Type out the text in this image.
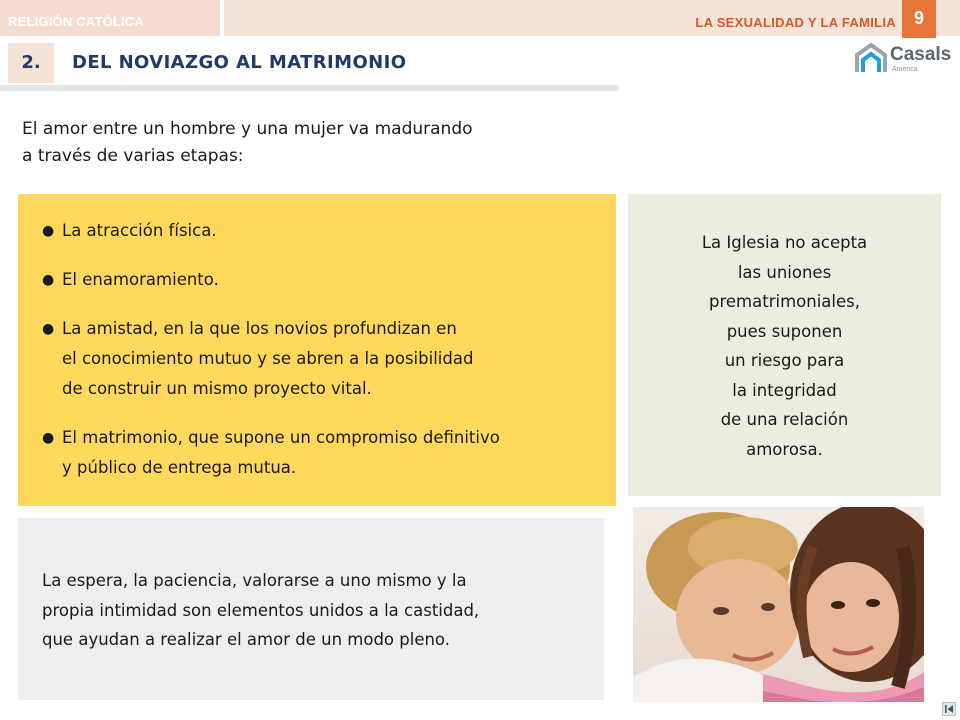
RELIGIÓN CATÓLICA	LA SEXUALIDAD Y LA FAMILIA 9
2.	DEL NOVIAZGO AL MATRIMONIO	Casals
América
El amor entre un hombre y una mujer va madurando
a través de varias etapas:
● La atracción física.
● El enamoramiento.
● La amistad, en la que los novios profundizan en
el conocimiento mutuo y se abren a la posibilidad
de construir un mismo proyecto vital.
● El matrimonio, que supone un compromiso definitivo
y público de entrega mutua.
La Iglesia no acepta
las uniones
prematrimoniales,
pues suponen
un riesgo para
la integridad
de una relación
amorosa.
La espera, la paciencia, valorarse a uno mismo y la
propia intimidad son elementos unidos a la castidad,
que ayudan a realizar el amor de un modo pleno.
